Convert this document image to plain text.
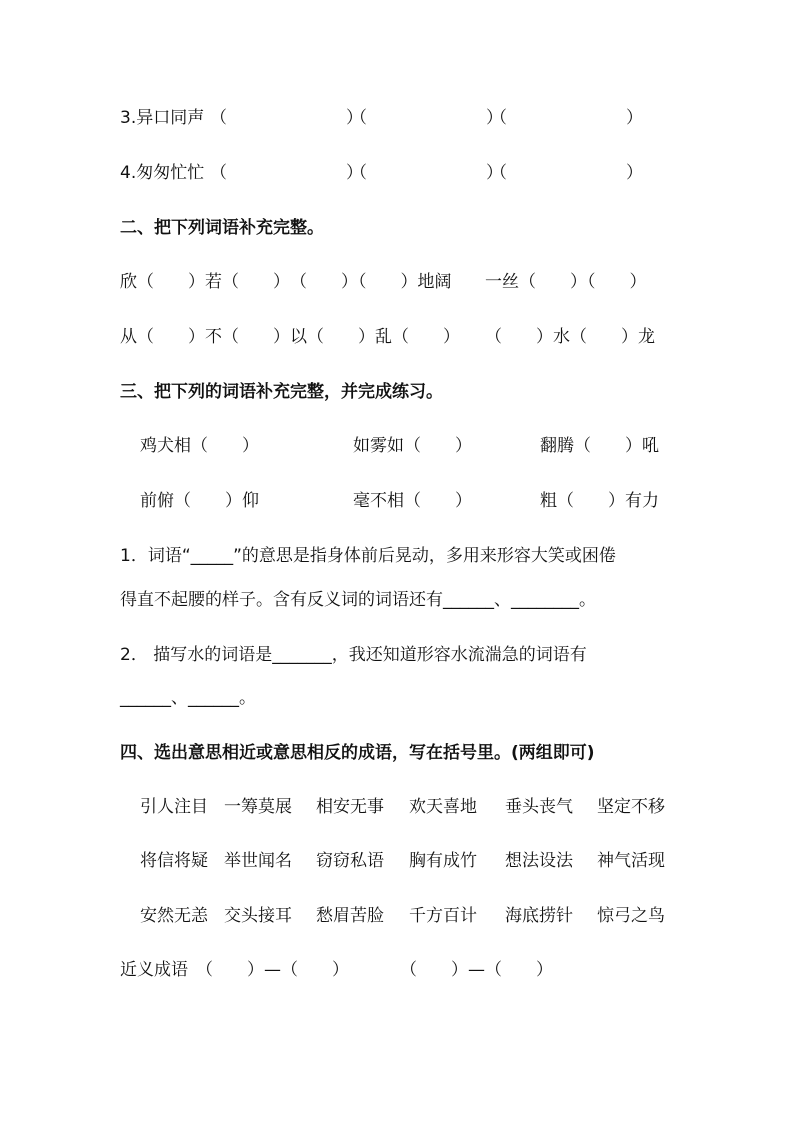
3.异口同声 （　　　　　　　）
（　　　　　　　）
（　　　　　　　）
4.匆匆忙忙 （　　　　　　　）
（　　　　　　　）
（　　　　　　　）
二、把下列词语补充完整。
欣（　　）若（　　） （　　）（　　）地阔 一丝（　　）（　　）
从（　　）不（　　） 以（　　）乱（　　） （　　）水（　　）龙
三、把下列的词语补充完整，并完成练习。
鸡犬相（　　）	如雾如（　　）	翻腾（　　）吼
前俯（　　）仰	毫不相（　　）	粗（　　）有力
1．词语“_____”的意思是指身体前后晃动，多用来形容大笑或困倦
得直不起腰的样子。含有反义词的词语还有______、________。
2． 描写水的词语是_______，我还知道形容水流湍急的词语有
______、______。
四、选出意思相近或意思相反的成语，写在括号里。(两组即可)
引人注目 一筹莫展 相安无事 欢天喜地 垂头丧气 坚定不移
将信将疑 举世闻名 窃窃私语 胸有成竹 想法设法 神气活现
安然无恙 交头接耳 愁眉苦脸 千方百计 海底捞针 惊弓之鸟
近义成语 （　　）—（　　）	（　　）—（　　）
